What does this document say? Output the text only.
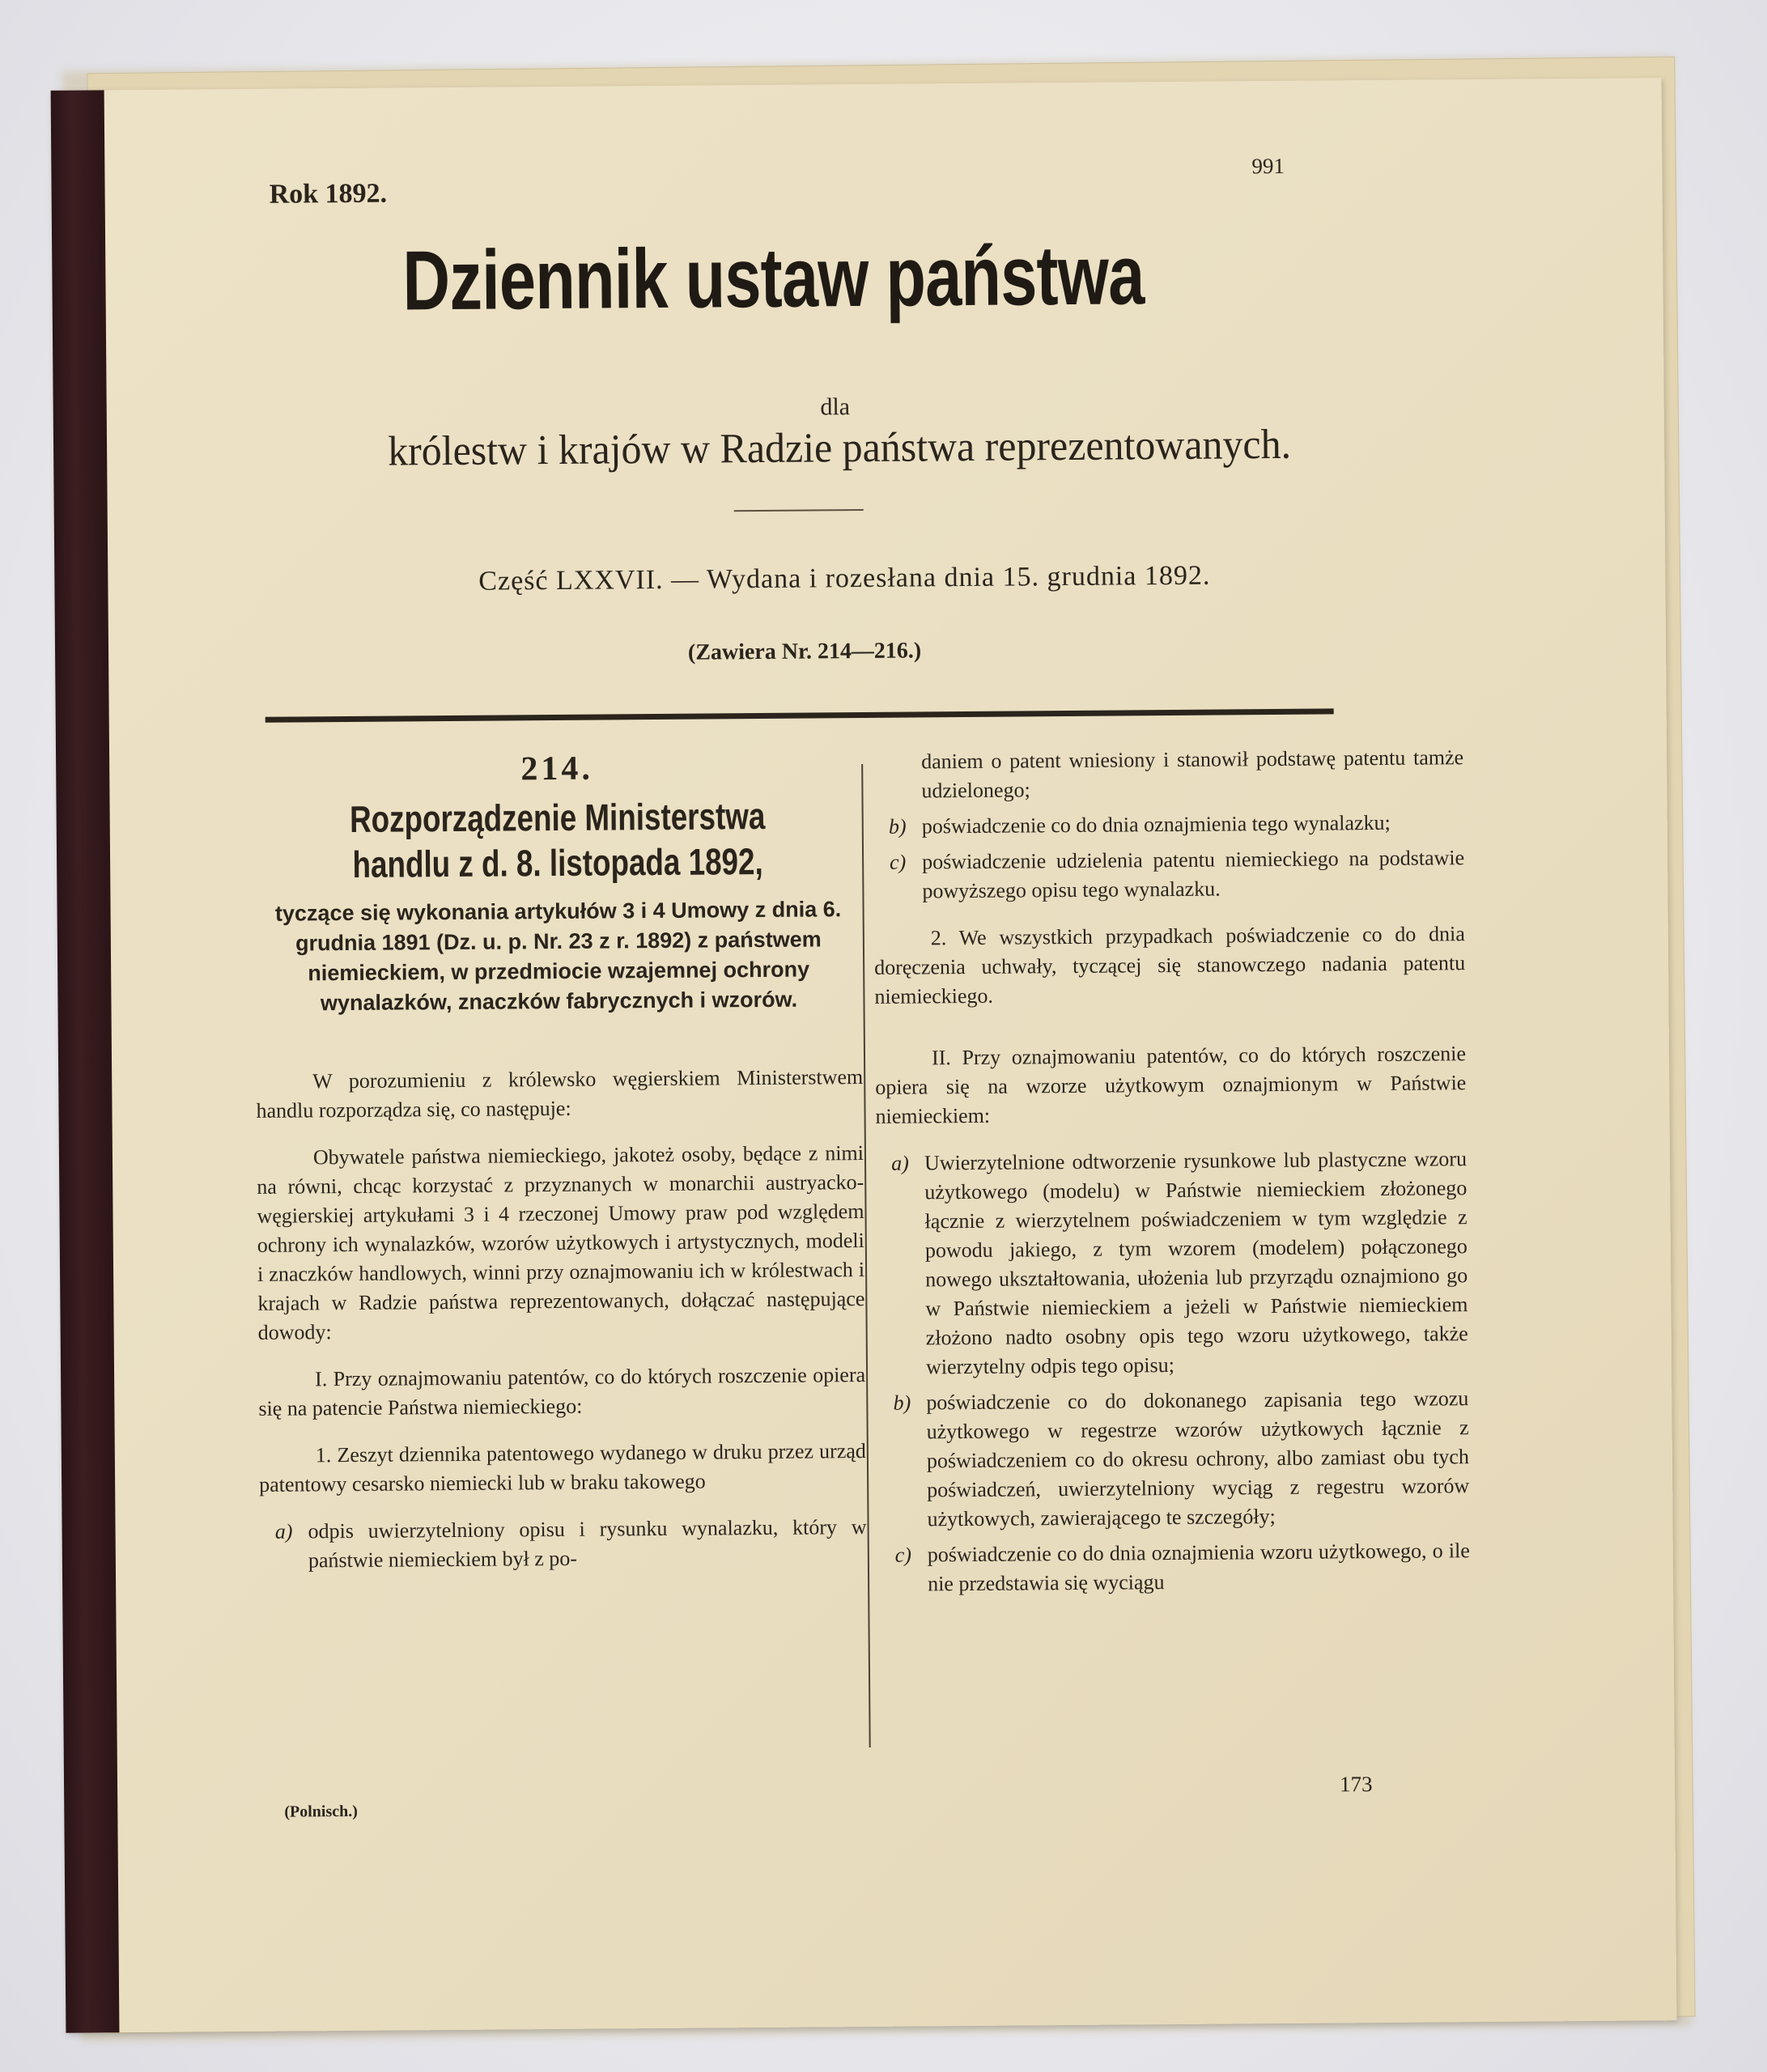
Rok 1892.
991
Dziennik ustaw państwa
dla
królestw i krajów w Radzie państwa reprezentowanych.
Część LXXVII. — Wydana i rozesłana dnia 15. grudnia 1892.
(Zawiera Nr. 214—216.)
214.
Rozporządzenie Ministerstwa handlu z d. 8. listopada 1892,
tyczące się wykonania artykułów 3 i 4 Umowy z dnia 6. grudnia 1891 (Dz. u. p. Nr. 23 z r. 1892) z państwem niemieckiem, w przedmiocie wzajemnej ochrony wynalazków, znaczków fabrycznych i wzorów.
W porozumieniu z królewsko węgierskiem Ministerstwem handlu rozporządza się, co następuje:
Obywatele państwa niemieckiego, jakoteż osoby, będące z nimi na równi, chcąc korzystać z przyznanych w monarchii austryacko-węgierskiej artykułami 3 i 4 rzeczonej Umowy praw pod względem ochrony ich wynalazków, wzorów użytkowych i artystycznych, modeli i znaczków handlowych, winni przy oznajmowaniu ich w królestwach i krajach w Radzie państwa reprezentowanych, dołączać następujące dowody:
I. Przy oznajmowaniu patentów, co do których roszczenie opiera się na patencie Państwa niemieckiego:
1. Zeszyt dziennika patentowego wydanego w druku przez urząd patentowy cesarsko niemiecki lub w braku takowego
a) odpis uwierzytelniony opisu i rysunku wynalazku, który w państwie niemieckiem był z po-
daniem o patent wniesiony i stanowił podstawę patentu tamże udzielonego;
b) poświadczenie co do dnia oznajmienia tego wynalazku;
c) poświadczenie udzielenia patentu niemieckiego na podstawie powyższego opisu tego wynalazku.
2. We wszystkich przypadkach poświadczenie co do dnia doręczenia uchwały, tyczącej się stanowczego nadania patentu niemieckiego.
II. Przy oznajmowaniu patentów, co do których roszczenie opiera się na wzorze użytkowym oznajmionym w Państwie niemieckiem:
a) Uwierzytelnione odtworzenie rysunkowe lub plastyczne wzoru użytkowego (modelu) w Państwie niemieckiem złożonego łącznie z wierzytelnem poświadczeniem w tym względzie z powodu jakiego, z tym wzorem (modelem) połączonego nowego ukształtowania, ułożenia lub przyrządu oznajmiono go w Państwie niemieckiem a jeżeli w Państwie niemieckiem złożono nadto osobny opis tego wzoru użytkowego, także wierzytelny odpis tego opisu;
b) poświadczenie co do dokonanego zapisania tego wzozu użytkowego w regestrze wzorów użytkowych łącznie z poświadczeniem co do okresu ochrony, albo zamiast obu tych poświadczeń, uwierzytelniony wyciąg z regestru wzorów użytkowych, zawierającego te szczegóły;
c) poświadczenie co do dnia oznajmienia wzoru użytkowego, o ile nie przedstawia się wyciągu
(Polnisch.)
173
